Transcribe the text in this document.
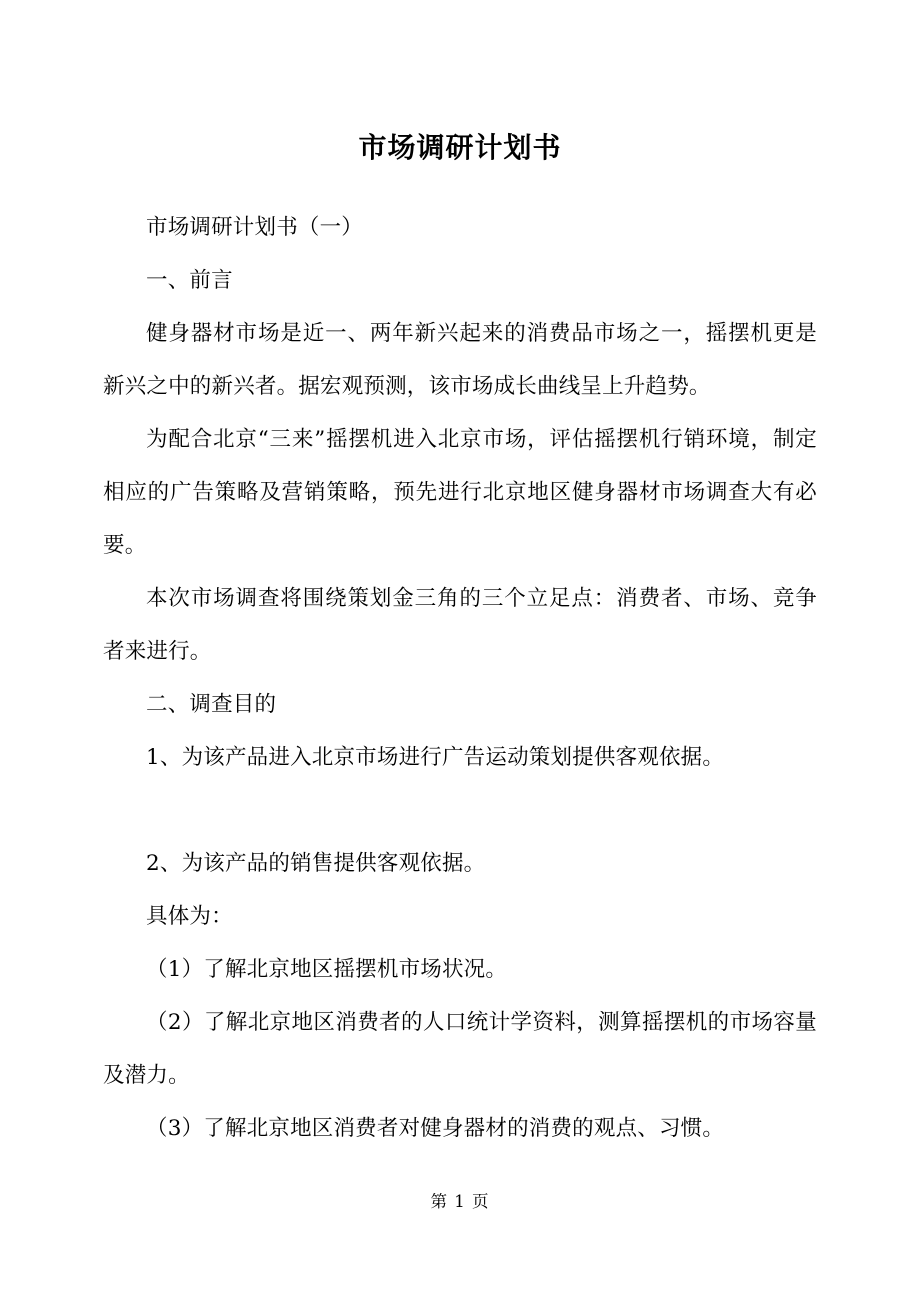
市场调研计划书

市场调研计划书（一）

一、前言

健身器材市场是近一、两年新兴起来的消费品市场之一，摇摆机更是新兴之中的新兴者。据宏观预测，该市场成长曲线呈上升趋势。

为配合北京“三来”摇摆机进入北京市场，评估摇摆机行销环境，制定相应的广告策略及营销策略，预先进行北京地区健身器材市场调查大有必要。

本次市场调查将围绕策划金三角的三个立足点：消费者、市场、竞争者来进行。

二、调查目的

1、为该产品进入北京市场进行广告运动策划提供客观依据。

2、为该产品的销售提供客观依据。

具体为：

（1）了解北京地区摇摆机市场状况。

（2）了解北京地区消费者的人口统计学资料，测算摇摆机的市场容量及潜力。

（3）了解北京地区消费者对健身器材的消费的观点、习惯。

第 1 页
